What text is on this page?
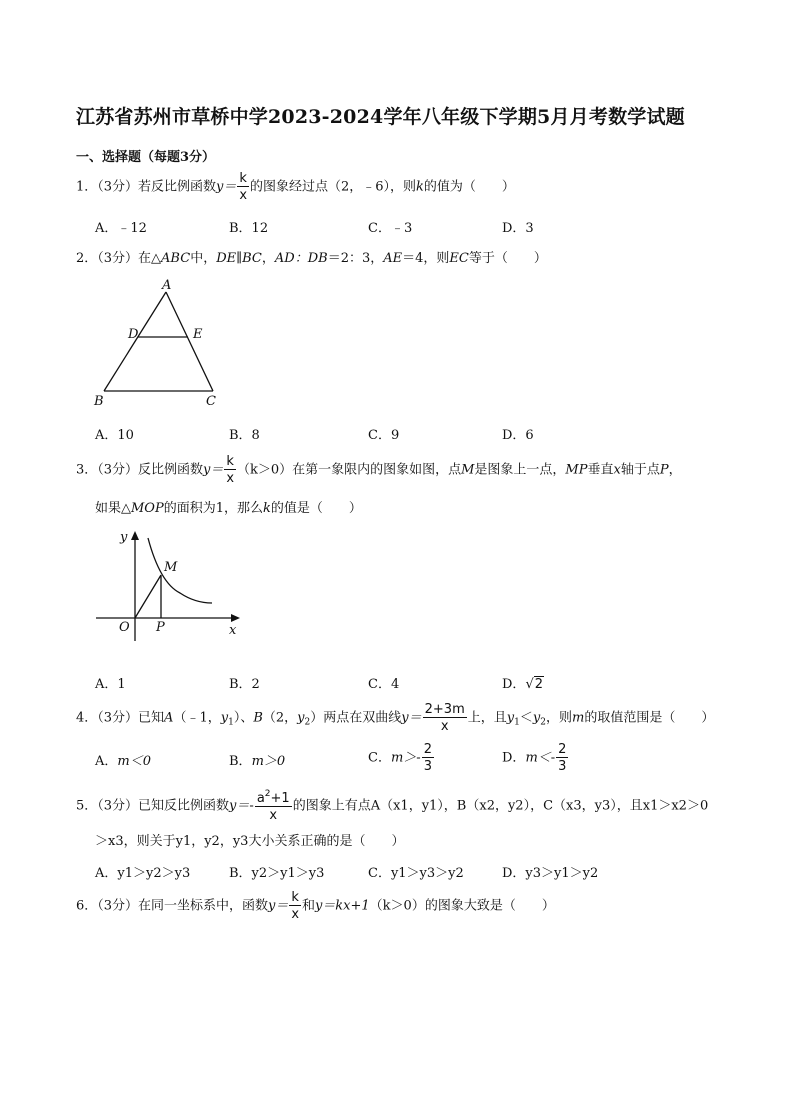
江苏省苏州市草桥中学2023-2024学年八年级下学期5月月考数学试题
一、选择题（每题3分）
1．（3分）若反比例函数$y= \frac{k}{x}$ 的图象经过点（2，﹣6），则k的值为（　　）
A．﹣12	B．12	C．﹣3	D．3
2．（3分）在△ABC中，DE∥BC，AD：DB＝2：3，AE＝4，则EC等于（　　）
A
D	E
B	C
A．10	B．8	C．9	D．6
3．（3分）反比例函数$y= \frac{k}{x} (k>0)$在第一象限内的图象如图，点M是图象上一点，MP垂直x轴于点P，
如果△MOP的面积为1，那么k的值是（　　）
y
x
O P
M
A．1	B．2	C．4	D．√2
4．（3分）已知A（﹣1，$y_1$）、B（2，$y_2$）两点在双曲线$y= \frac{2+3m}{x}$ 上，且$y_1<y_2$，则m的取值范围是（　　）
A．m＜0	B．m＞0	C．$m>- \frac{2}{3}$	D．$m<- \frac{2}{3}$
5．（3分）已知反比例函数$y=- \frac{a^2+1}{x}$ 的图象上有点A（x1，y1），B（x2，y2），C（x3，y3），且x1＞x2＞0
＞x3，则关于y1，y2，y3大小关系正确的是（　　）
A．y1＞y2＞y3	B．y2＞y1＞y3	C．y1＞y3＞y2	D．y3＞y1＞y2
6．（3分）在同一坐标系中，函数$y= \frac{k}{x}$ 和y＝kx+1（k＞0）的图象大致是（　　）
